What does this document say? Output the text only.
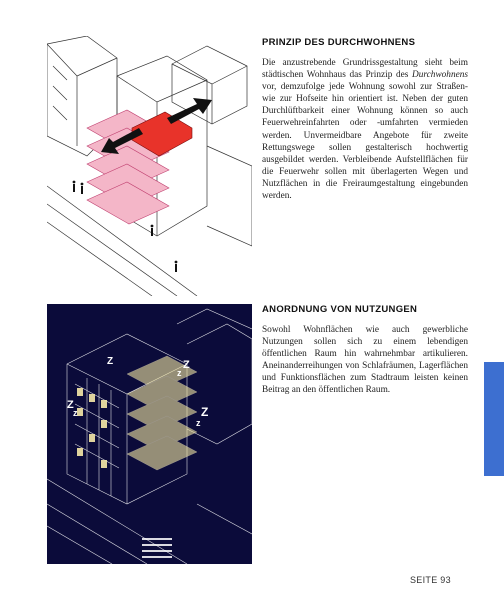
PRINZIP DES DURCHWOHNENS

Die anzustrebende Grundrissgestaltung sieht beim städtischen Wohnhaus das Prinzip des Durchwohnens vor, demzufolge jede Wohnung sowohl zur Straßen- wie zur Hofseite hin orientiert ist. Neben der guten Durchlüftbarkeit einer Wohnung können so auch Feuerwehreinfahrten oder -umfahrten vermieden werden. Unvermeidbare Angebote für zweite Rettungswege sollen gestalterisch hochwertig ausgebildet werden. Verbleibende Aufstellflächen für die Feuerwehr sollen mit überlagerten Wegen und Nutzflächen in die Freiraumgestaltung eingebunden werden.

z
Z
Z
z	Z
z
Z
ANORDNUNG VON NUTZUNGEN

Sowohl Wohnflächen wie auch gewerbliche Nutzungen sollen sich zu einem lebendigen öffentlichen Raum hin wahrnehmbar artikulieren. Aneinanderreihungen von Schlafräumen, Lagerflächen und Funktionsflächen zum Stadtraum leisten keinen Beitrag an den öffentlichen Raum.

SEITE 93
